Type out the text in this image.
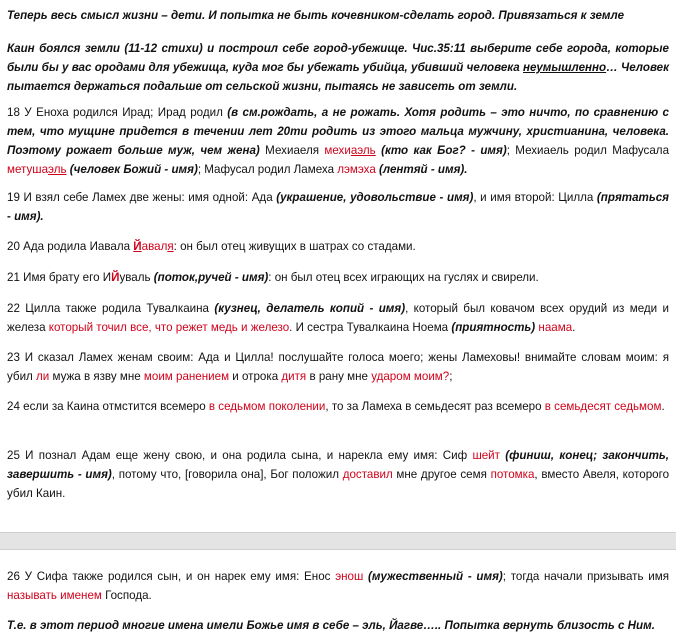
Теперь весь смысл жизни – дети. И попытка не быть кочевником-сделать город. Привязаться к земле

Каин боялся земли (11-12 стихи) и построил себе город-убежище. Чис.35:11 выберите себе города, которые были бы у вас ородами для убежища, куда мог бы убежать убийца, убивший человека неумышленно… Человек пытается держаться подальше от сельской жизни, пытаясь не зависеть от земли.

18 У Еноха родился Ирад; Ирад родил (в см.рождать, а не рожать. Хотя родить – это ничто, по сравнению с тем, что мущине придется в течении лет 20ти родить из этого мальца мужчину, христианина, человека. Поэтому рожает больше муж, чем жена) Мехиаеля мехиаэль (кто как Бог? - имя); Мехиаель родил Мафусала метушаэль (человек Божий - имя); Мафусал родил Ламеха лэмэха (лентяй - имя).

19 И взял себе Ламех две жены: имя одной: Ада (украшение, удовольствие - имя), и имя второй: Цилла (прятаться - имя).

20 Ада родила Иавала Йаваля: он был отец живущих в шатрах со стадами.

21 Имя брату его ИЙуваль (поток,ручей - имя): он был отец всех играющих на гуслях и свирели.

22 Цилла также родила Тувалкаина (кузнец, делатель копий - имя), который был ковачом всех орудий из меди и железа который точил все, что режет медь и железо. И сестра Тувалкаина Ноема (приятность) наама.

23 И сказал Ламех женам своим: Ада и Цилла! послушайте голоса моего; жены Ламеховы! внимайте словам моим: я убил ли мужа в язву мне моим ранением и отрока дитя в рану мне ударом моим?;

24 если за Каина отмстится всемеро в седьмом поколении, то за Ламеха в семьдесят раз всемеро в семьдесят седьмом.

25 И познал Адам еще жену свою, и она родила сына, и нарекла ему имя: Сиф шейт (финиш, конец; закончить, завершить - имя), потому что, [говорила она], Бог положил доставил мне другое семя потомка, вместо Авеля, которого убил Каин.

26 У Сифа также родился сын, и он нарек ему имя: Енос энош (мужественный - имя); тогда начали призывать имя называть именем Господа.

Т.е. в этот период многие имена имели Божье имя в себе – эль, Йагве….. Попытка вернуть близость с Ним.
